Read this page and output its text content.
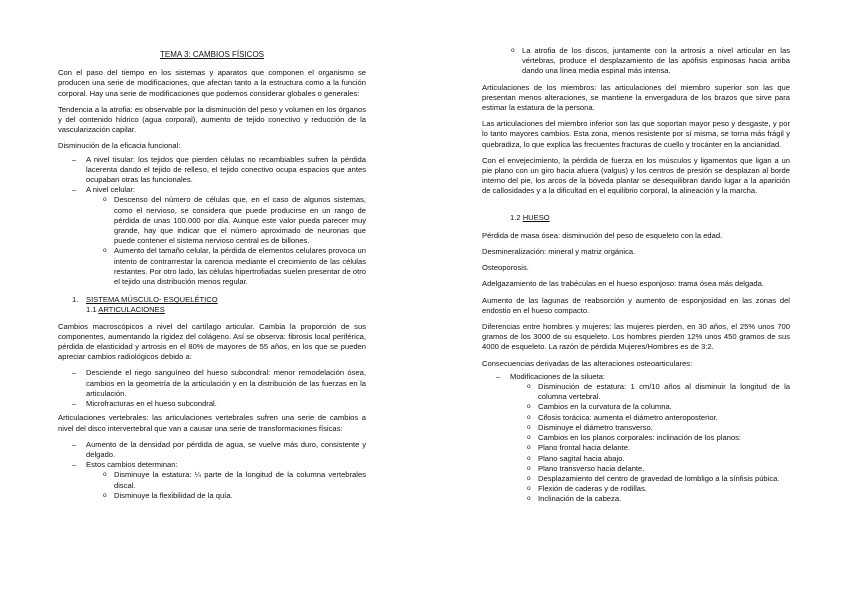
TEMA 3: CAMBIOS FÍSICOS

Con el paso del tiempo en los sistemas y aparatos que componen el organismo se producen una serie de modificaciones, que afectan tanto a la estructura como a la función corporal. Hay una serie de modificaciones que podemos considerar globales o generales:

Tendencia a la atrofia: es observable por la disminución del peso y volumen en los órganos y del contenido hídrico (agua corporal), aumento de tejido conectivo y reducción de la vascularización capilar.

Disminución de la eficacia funcional:

– A nivel tisular: los tejidos que pierden células no recambiables sufren la pérdida lacerenta dando el tejido de relleso, el tejido conectivo ocupa espacios que antes ocupaban otras las funcionales.
– A nivel celular:
o Descenso del número de células que, en el caso de algunos sistemas, como el nervioso, se considera que puede producirse en un rango de pérdida de unas 100.000 por día. Aunque este valor pueda parecer muy grande, hay que indicar que el número aproximado de neuronas que puede contener el sistema nervioso central es de billones.
o Aumento del tamaño celular, la pérdida de elementos celulares provoca un intento de contrarrestar la carencia mediante el crecimiento de las células restantes. Por otro lado, las células hipertrofiadas suelen presentar de otro el tejido una distribución menos regular.
1. SISTEMA MÚSCULO- ESQUELÉTICO
1.1 ARTICULACIONES

Cambios macroscópicos a nivel del cartílago articular. Cambia la proporción de sus componentes, aumentando la rigidez del colágeno. Así se observa: fibrosis local periférica, pérdida de elasticidad y artrosis en el 80% de mayores de 55 años, en los que se pueden apreciar cambios radiológicos debido a:

– Desciende el riego sanguíneo del hueso subcondral: menor remodelación ósea, cambios en la geometría de la articulación y en la distribución de las fuerzas en la articulación.
– Microfracturas en el hueso subcondral.

Articulaciones vertebrales: las articulaciones vertebrales sufren una serie de cambios a nivel del disco intervertebral que van a causar una serie de transformaciones físicas:

– Aumento de la densidad por pérdida de agua, se vuelve más duro, consistente y delgado.
– Estos cambios determinan:
o Disminuye la estatura: ¼ parte de la longitud de la columna vertebrales discal.
o Disminuye la flexibilidad de la quía.
o La atrofia de los discos, juntamente con la artrosis a nivel articular en las vértebras, produce el desplazamiento de las apófisis espinosas hacia arriba dando una línea media espinal más intensa.

Articulaciones de los miembros: las articulaciones del miembro superior son las que presentan menos alteraciones, se mantiene la envergadura de los brazos que sirve para estimar la estatura de la persona.

Las articulaciones del miembro inferior son las que soportan mayor peso y desgaste, y por lo tanto mayores cambios. Esta zona, menos resistente por sí misma, se torna más frágil y quebradiza, lo que explica las frecuentes fracturas de cuello y trocánter en la ancianidad.

Con el envejecimiento, la pérdida de fuerza en los músculos y ligamentos que ligan a un pie plano con un giro hacia afuera (valgus) y los centros de presión se desplazan al borde interno del pie, los arcos de la bóveda plantar se desequilibran dando lugar a la aparición de callosidades y a la dificultad en el equilibrio corporal, la alineación y la marcha.

1.2 HUESO

Pérdida de masa ósea: disminución del peso de esqueleto con la edad.

Desmineralización: mineral y matriz orgánica.

Osteoporosis.

Adelgazamiento de las trabéculas en el hueso esponjoso: trama ósea más delgada.

Aumento de las lagunas de reabsorción y aumento de esponjosidad en las zonas del endostio en el hueso compacto.

Diferencias entre hombres y mujeres: las mujeres pierden, en 30 años, el 25% unos 700 gramos de los 3000 de su esqueleto. Los hombres pierden 12% unos 450 gramos de sus 4000 de esqueleto. La razón de pérdida Mujeres/Hombres es de 3:2.

Consecuencias derivadas de las alteraciones osteoarticulares:

– Modificaciones de la silueta:
o Disminución de estatura: 1 cm/10 años al disminuir la longitud de la columna vertebral.
o Cambios en la curvatura de la columna.
o Cifosis torácica: aumenta el diámetro anteroposterior.
o Disminuye el diámetro transverso.
o Cambios en los planos corporales: inclinación de los planos:
o Plano frontal hacia delante.
o Plano sagital hacia abajo.
o Plano transverso hacia delante.
o Desplazamiento del centro de gravedad de lombligo a la sínfisis púbica.
o Flexión de caderas y de rodillas.
o Inclinación de la cabeza.
